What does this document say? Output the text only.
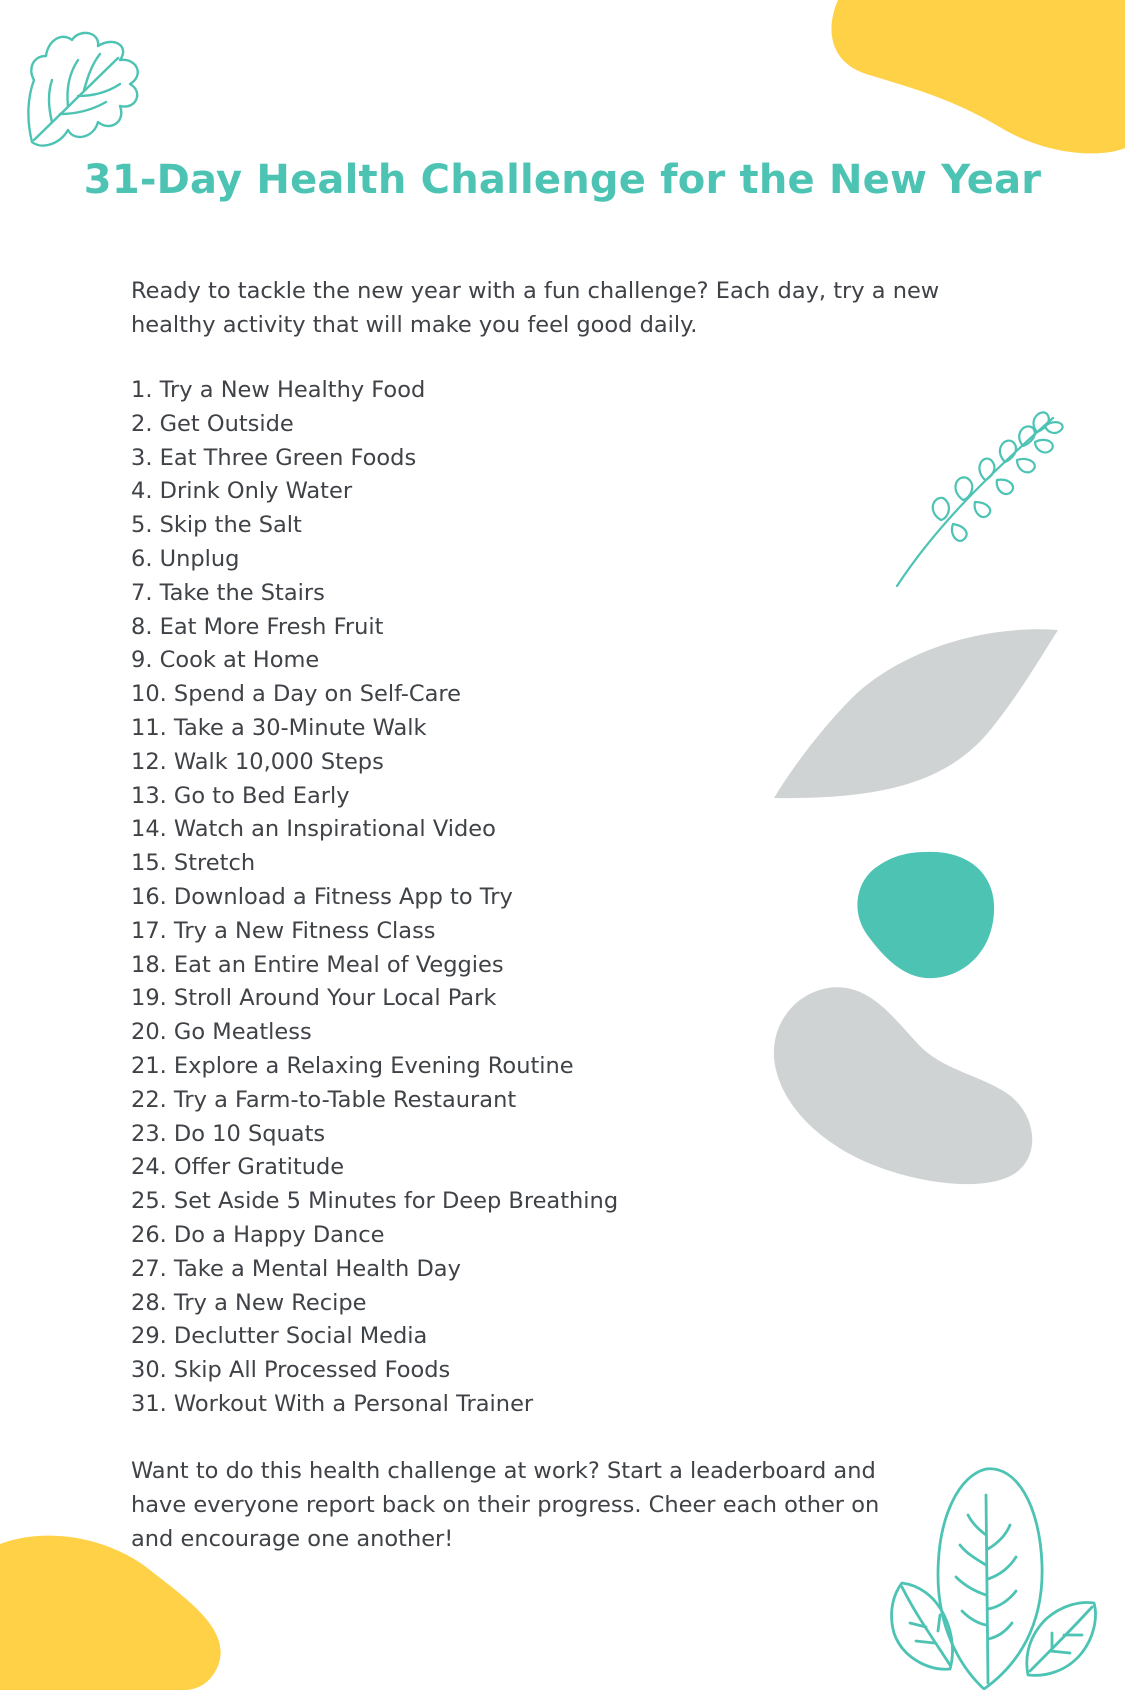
31-Day Health Challenge for the New Year

Ready to tackle the new year with a fun challenge? Each day, try a new healthy activity that will make you feel good daily.

1. Try a New Healthy Food
2. Get Outside
3. Eat Three Green Foods
4. Drink Only Water
5. Skip the Salt
6. Unplug
7. Take the Stairs
8. Eat More Fresh Fruit
9. Cook at Home
10. Spend a Day on Self-Care
11. Take a 30-Minute Walk
12. Walk 10,000 Steps
13. Go to Bed Early
14. Watch an Inspirational Video
15. Stretch
16. Download a Fitness App to Try
17. Try a New Fitness Class
18. Eat an Entire Meal of Veggies
19. Stroll Around Your Local Park
20. Go Meatless
21. Explore a Relaxing Evening Routine
22. Try a Farm-to-Table Restaurant
23. Do 10 Squats
24. Offer Gratitude
25. Set Aside 5 Minutes for Deep Breathing
26. Do a Happy Dance
27. Take a Mental Health Day
28. Try a New Recipe
29. Declutter Social Media
30. Skip All Processed Foods
31. Workout With a Personal Trainer

Want to do this health challenge at work? Start a leaderboard and have everyone report back on their progress. Cheer each other on and encourage one another!
